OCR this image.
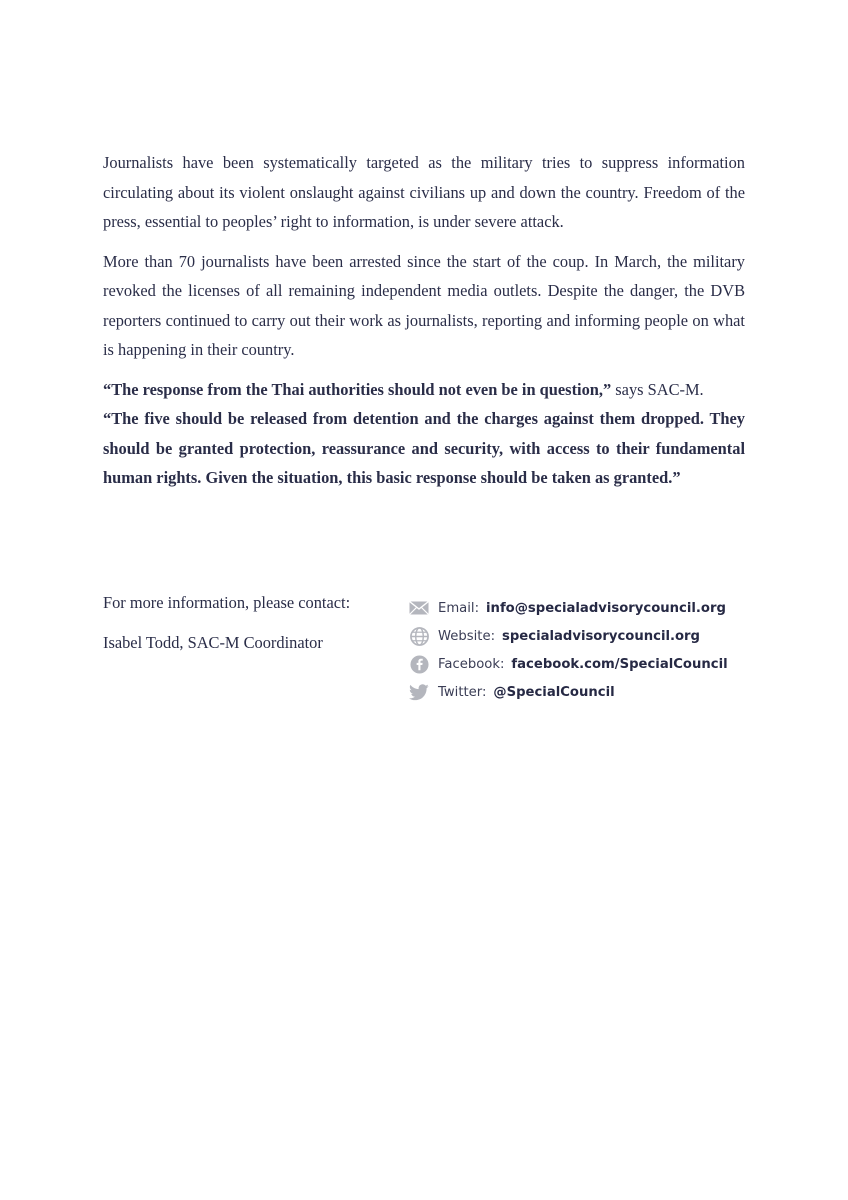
Journalists have been systematically targeted as the military tries to suppress information circulating about its violent onslaught against civilians up and down the country. Freedom of the press, essential to peoples’ right to information, is under severe attack.

More than 70 journalists have been arrested since the start of the coup. In March, the military revoked the licenses of all remaining independent media outlets. Despite the danger, the DVB reporters continued to carry out their work as journalists, reporting and informing people on what is happening in their country.

“The response from the Thai authorities should not even be in question,” says SAC-M.
“The five should be released from detention and the charges against them dropped. They should be granted protection, reassurance and security, with access to their fundamental human rights. Given the situation, this basic response should be taken as granted.”

For more information, please contact:
Isabel Todd, SAC-M Coordinator
Email: info@specialadvisorycouncil.org
Website: specialadvisorycouncil.org
Facebook: facebook.com/SpecialCouncil
Twitter: @SpecialCouncil
